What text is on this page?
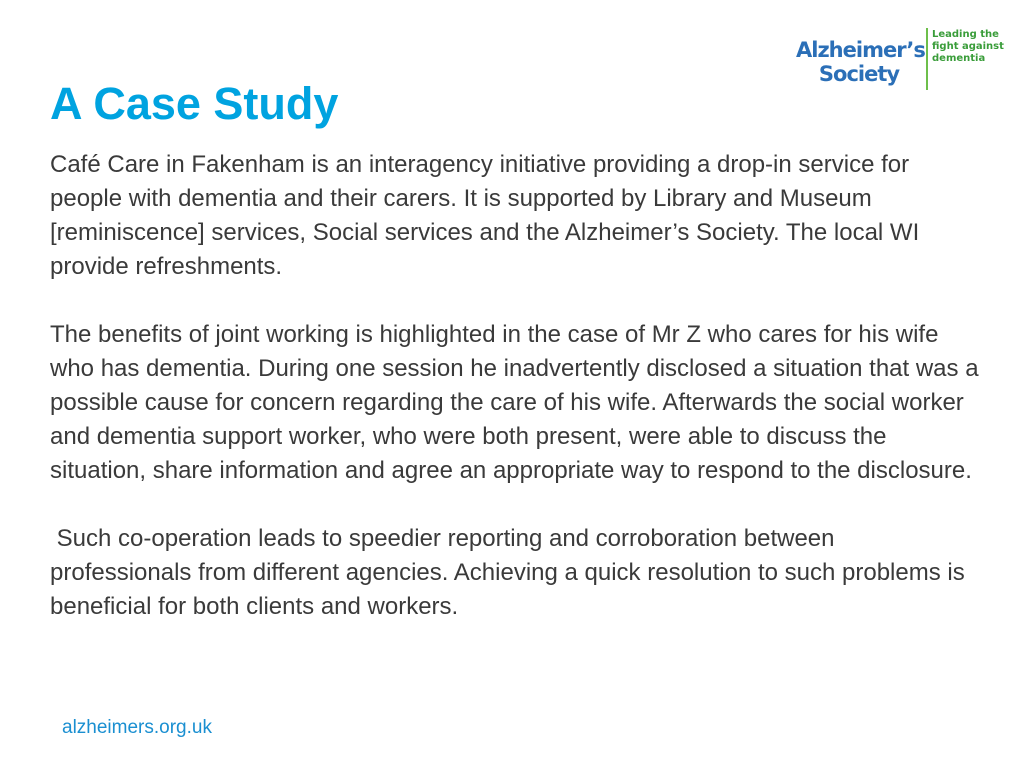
Alzheimer’s
Society
Leading the
fight against
dementia
A Case Study

Café Care in Fakenham is an interagency initiative providing a drop-in service for people with dementia and their carers. It is supported by Library and Museum [reminiscence] services, Social services and the Alzheimer’s Society. The local WI provide refreshments.

The benefits of joint working is highlighted in the case of Mr Z who cares for his wife who has dementia. During one session he inadvertently disclosed a situation that was a possible cause for concern regarding the care of his wife. Afterwards the social worker and dementia support worker, who were both present, were able to discuss the situation, share information and agree an appropriate way to respond to the disclosure.

Such co-operation leads to speedier reporting and corroboration between professionals from different agencies. Achieving a quick resolution to such problems is beneficial for both clients and workers.

alzheimers.org.uk
